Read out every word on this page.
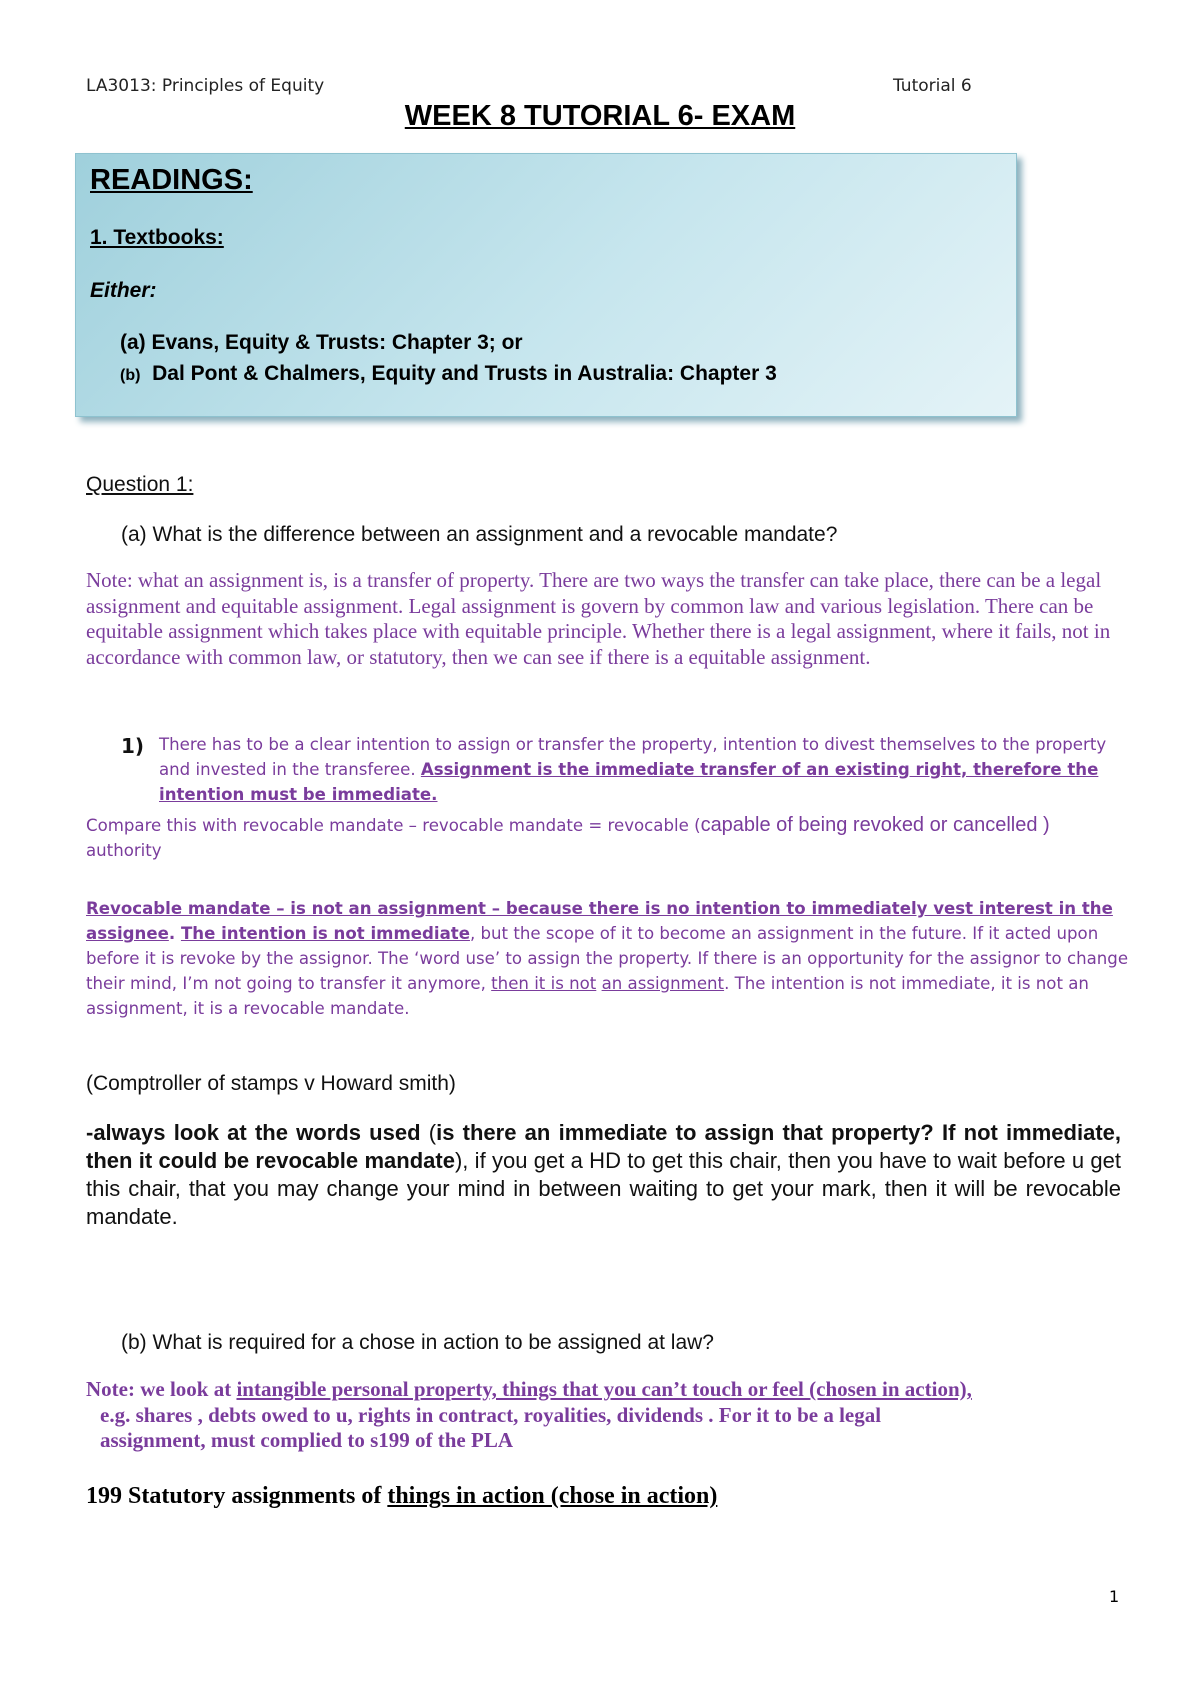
LA3013: Principles of Equity	Tutorial 6
WEEK 8 TUTORIAL 6- EXAM
READINGS:
1. Textbooks:
Either:
(a) Evans, Equity & Trusts: Chapter 3; or
(b) Dal Pont & Chalmers, Equity and Trusts in Australia: Chapter 3
Question 1:
(a) What is the difference between an assignment and a revocable mandate?
Note: what an assignment is, is a transfer of property. There are two ways the transfer can take place, there can be a legal assignment and equitable assignment. Legal assignment is govern by common law and various legislation. There can be equitable assignment which takes place with equitable principle. Whether there is a legal assignment, where it fails, not in accordance with common law, or statutory, then we can see if there is a equitable assignment.
1) There has to be a clear intention to assign or transfer the property, intention to divest themselves to the property and invested in the transferee. Assignment is the immediate transfer of an existing right, therefore the intention must be immediate.
Compare this with revocable mandate – revocable mandate = revocable (capable of being revoked or cancelled )
authority
Revocable mandate – is not an assignment – because there is no intention to immediately vest interest in the assignee. The intention is not immediate, but the scope of it to become an assignment in the future. If it acted upon before it is revoke by the assignor. The ‘word use’ to assign the property. If there is an opportunity for the assignor to change their mind, I’m not going to transfer it anymore, then it is not an assignment. The intention is not immediate, it is not an assignment, it is a revocable mandate.
(Comptroller of stamps v Howard smith)
-always look at the words used (is there an immediate to assign that property? If not immediate, then it could be revocable mandate), if you get a HD to get this chair, then you have to wait before u get this chair, that you may change your mind in between waiting to get your mark, then it will be revocable mandate.
(b) What is required for a chose in action to be assigned at law?
Note: we look at intangible personal property, things that you can’t touch or feel (chosen in action),
e.g. shares , debts owed to u, rights in contract, royalities, dividends . For it to be a legal
assignment, must complied to s199 of the PLA
199 Statutory assignments of things in action (chose in action)
1
